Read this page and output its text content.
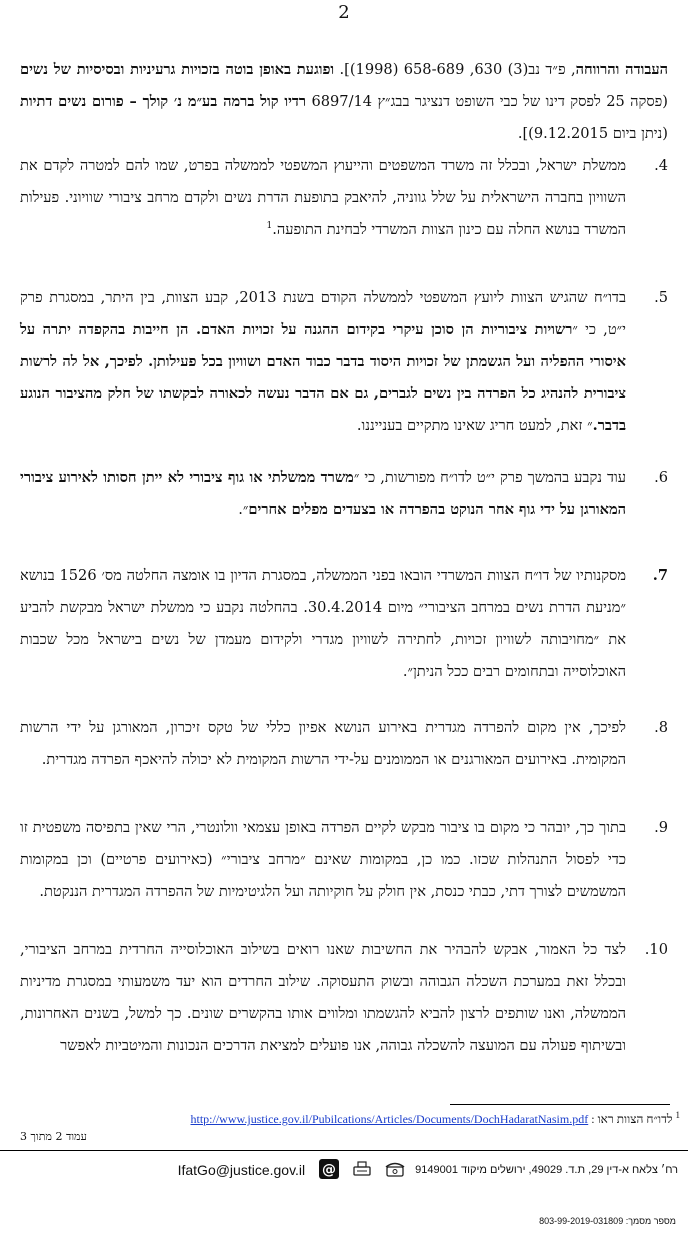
2
העבודה והרווחה, פ״ד נב(3) 630, 658-689 (1998)]. ופוגעת באופן בוטה בזכויות גרעיניות ובסיסיות של נשים (פסקה 25 לפסק דינו של כבי השופט דנציגר בבג״ץ 6897/14 רדיו קול ברמה בע״מ נ׳ קולך – פורום נשים דתיות (ניתן ביום 9.12.2015)].
4.
ממשלת ישראל, ובכלל זה משרד המשפטים והייעוץ המשפטי לממשלה בפרט, שמו להם למטרה לקדם את השוויון בחברה הישראלית על שלל גווניה, להיאבק בתופעת הדרת נשים ולקדם מרחב ציבורי שוויוני. פעילות המשרד בנושא החלה עם כינון הצוות המשרדי לבחינת התופעה.$^1$
5.
בדו״ח שהגיש הצוות ליועץ המשפטי לממשלה הקודם בשנת 2013, קבע הצוות, בין היתר, במסגרת פרק י״ט, כי ״רשויות ציבוריות הן סוכן עיקרי בקידום ההגנה על זכויות האדם. הן חייבות בהקפדה יתרה על איסורי ההפליה ועל הגשמתן של זכויות היסוד בדבר כבוד האדם ושוויון בכל פעילותן. לפיכך, אל לה לרשות ציבורית להנהיג כל הפרדה בין נשים לגברים, גם אם הדבר נעשה לכאורה לבקשתו של חלק מהציבור הנוגע בדבר.״ זאת, למעט חריג שאינו מתקיים בענייננו.
6.
עוד נקבע בהמשך פרק י״ט לדו״ח מפורשות, כי ״משרד ממשלתי או גוף ציבורי לא ייתן חסותו לאירוע ציבורי המאורגן על ידי גוף אחר הנוקט בהפרדה או בצעדים מפלים אחרים״.
7.
מסקנותיו של דו״ח הצוות המשרדי הובאו בפני הממשלה, במסגרת הדיון בו אומצה החלטה מס׳ 1526 בנושא ״מניעת הדרת נשים במרחב הציבורי״ מיום 30.4.2014. בהחלטה נקבע כי ממשלת ישראל מבקשת להביע את ״מחויבותה לשוויון זכויות, לחתירה לשוויון מגדרי ולקידום מעמדן של נשים בישראל מכל שכבות האוכלוסייה ובתחומים רבים ככל הניתן״.
8.
לפיכך, אין מקום להפרדה מגדרית באירוע הנושא אפיון כללי של טקס זיכרון, המאורגן על ידי הרשות המקומית. באירועים המאורגנים או הממומנים על-ידי הרשות המקומית לא יכולה להיאכף הפרדה מגדרית.
9.
בתוך כך, יובהר כי מקום בו ציבור מבקש לקיים הפרדה באופן עצמאי וולונטרי, הרי שאין בתפיסה משפטית זו כדי לפסול התנהלות שכזו. כמו כן, במקומות שאינם ״מרחב ציבורי״ (כאירועים פרטיים) וכן במקומות המשמשים לצורך דתי, כבתי כנסת, אין חולק על חוקיותה ועל הלגיטימיות של ההפרדה המגדרית הננקטת.
10.
לצד כל האמור, אבקש להבהיר את החשיבות שאנו רואים בשילוב האוכלוסייה החרדית במרחב הציבורי, ובכלל זאת במערכת השכלה הגבוהה ובשוק התעסוקה. שילוב החרדים הוא יעד משמעותי במסגרת מדיניות הממשלה, ואנו שותפים לרצון להביא להגשמתו ומלווים אותו בהקשרים שונים. כך למשל, בשנים האחרונות, ובשיתוף פעולה עם המועצה להשכלה גבוהה, אנו פועלים למציאת הדרכים הנכונות והמיטביות לאפשר
$^1$ לדו״ח הצוות ראו : http://www.justice.gov.il/Pubilcations/Articles/Documents/DochHadaratNasim.pdf
עמוד 2 מתוך 3
רח׳ צלאח א-דין 29, ת.ד. 49029, ירושלים מיקוד 9149001
@
IfatGo@justice.gov.il
מספר מסמך: 803-99-2019-031809
